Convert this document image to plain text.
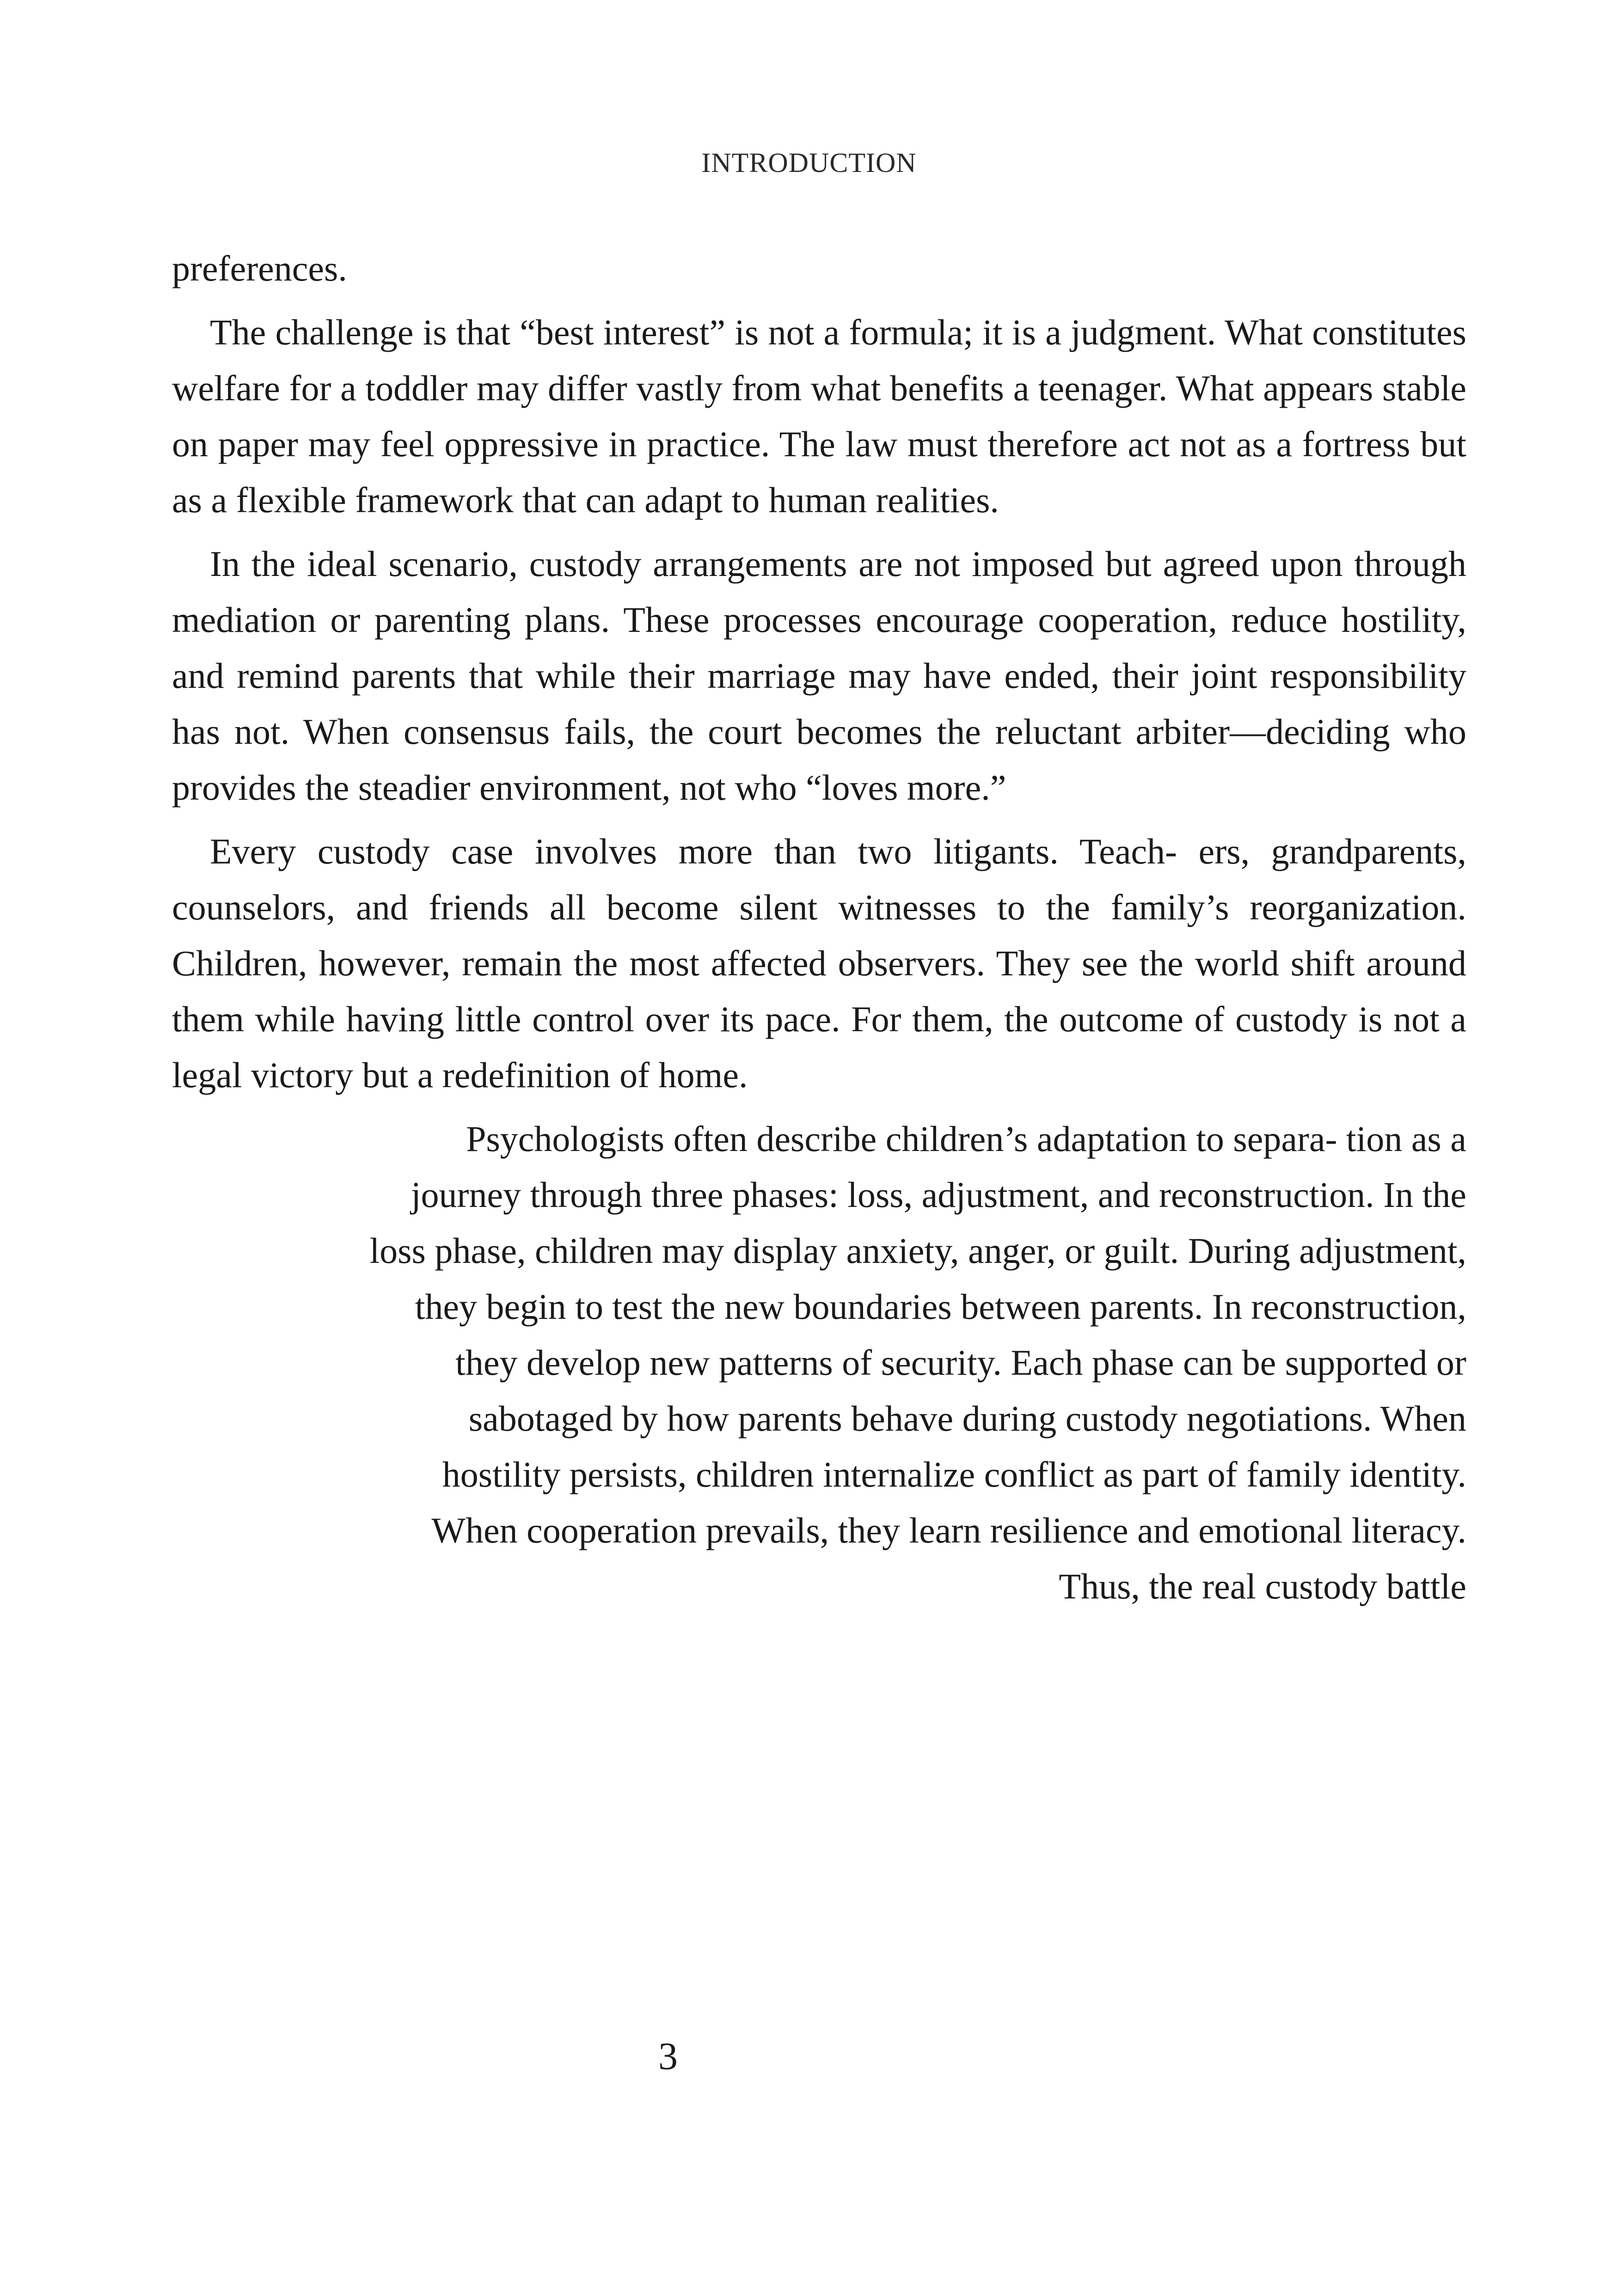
INTRODUCTION

preferences.

The challenge is that “best interest” is not a formula; it is a judgment. What constitutes welfare for a toddler may differ vastly from what benefits a teenager. What appears stable on paper may feel oppressive in practice. The law must therefore act not as a fortress but as a flexible framework that can adapt to human realities.

In the ideal scenario, custody arrangements are not imposed but agreed upon through mediation or parenting plans. These processes encourage cooperation, reduce hostility, and remind parents that while their marriage may have ended, their joint responsibility has not. When consensus fails, the court becomes the reluctant arbiter—deciding who provides the steadier environment, not who “loves more.”

Every custody case involves more than two litigants. Teach- ers, grandparents, counselors, and friends all become silent witnesses to the family’s reorganization. Children, however, remain the most affected observers. They see the world shift around them while having little control over its pace. For them, the outcome of custody is not a legal victory but a redefinition of home.

Psychologists often describe children’s adaptation to separa- tion as a
journey through three phases: loss, adjustment, and reconstruction. In the
loss phase, children may display anxiety, anger, or guilt. During adjustment,
they begin to test the new boundaries between parents. In reconstruction,
they develop new patterns of security. Each phase can be supported or
sabotaged by how parents behave during custody negotiations. When
hostility persists, children internalize conflict as part of family identity.
When cooperation prevails, they learn resilience and emotional literacy.
Thus, the real custody battle

3
